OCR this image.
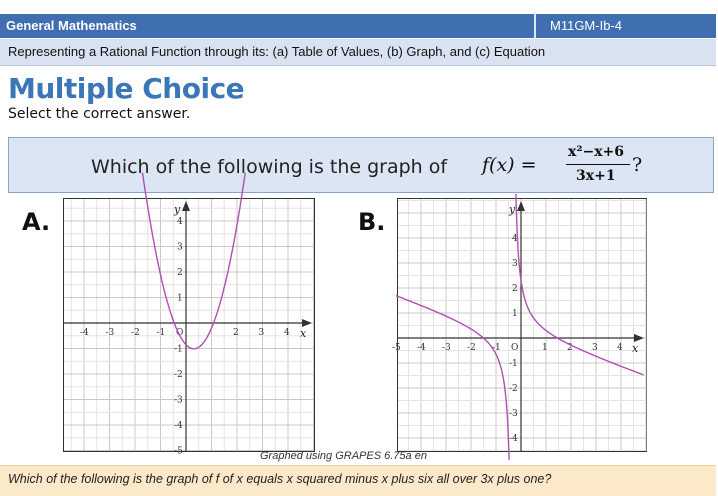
General Mathematics	M11GM-Ib-4
Representing a Rational Function through its: (a) Table of Values, (b) Graph, and (c) Equation
Multiple Choice
Select the correct answer.
Which of the following is the graph of f(x) =
x²−x+6
3x+1 ?
A.
x
y
-4 -3 -2 -1 O	2 3 4
4
3
2
1
-1
-2
-3
-4
-5
B.
x
y
-5 -4 -3 -2 -1 O	1 2 3 4
4
3
2
1
-1
-2
-3
-4
Graphed using GRAPES 6.75a en
Which of the following is the graph of f of x equals x squared minus x plus six all over 3x plus one?
